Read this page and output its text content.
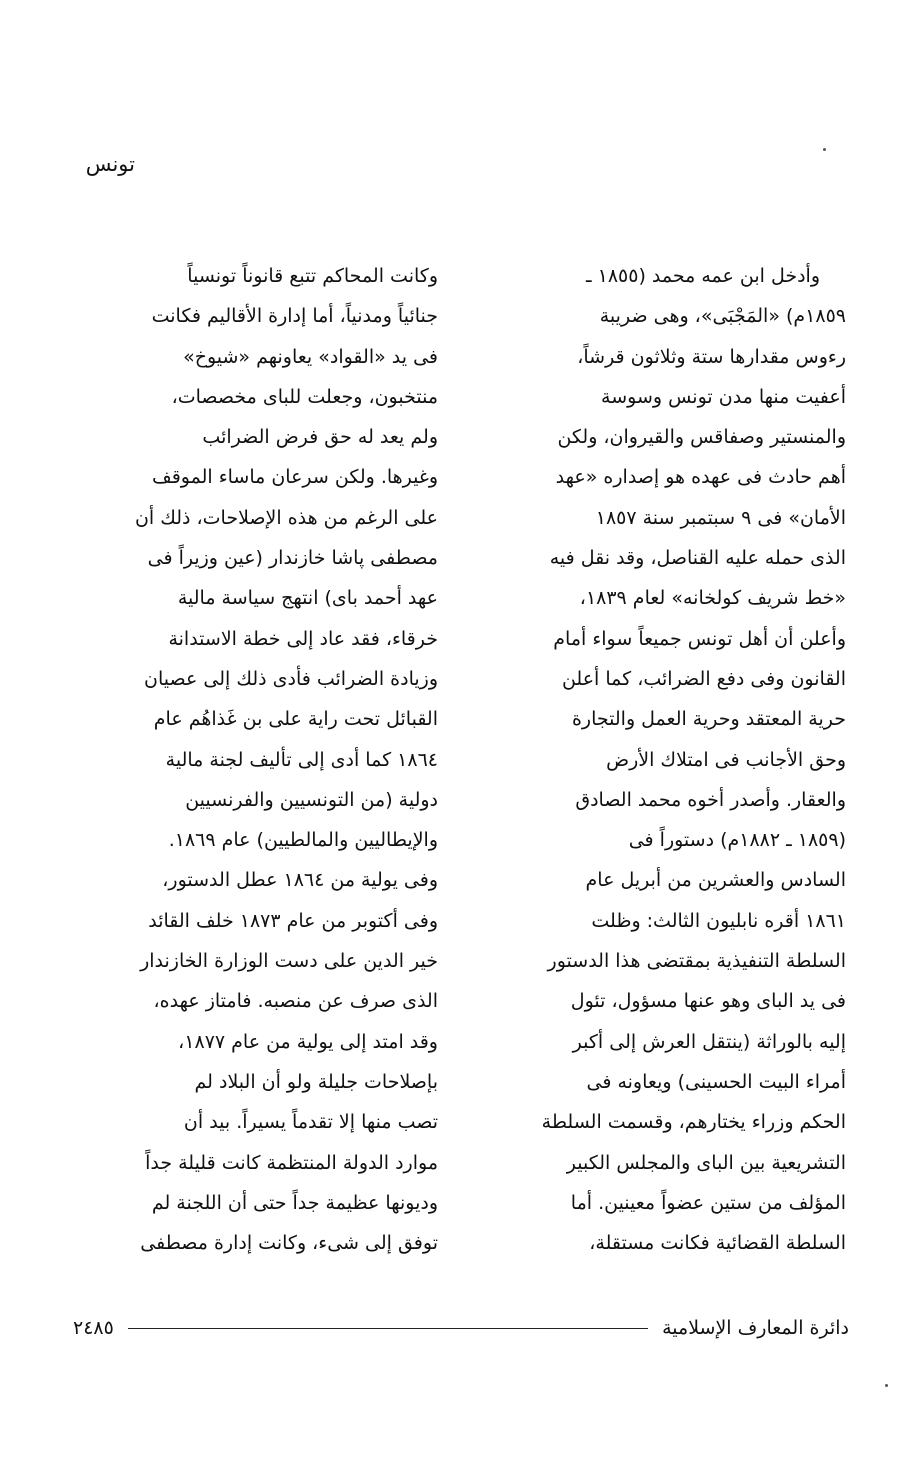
تونس
وأدخل ابن عمه محمد (١٨٥٥ ـ
١٨٥٩م) «المَجْبَى»، وهى ضريبة
رءوس مقدارها ستة وثلاثون قرشاً،
أعفيت منها مدن تونس وسوسة
والمنستير وصفاقس والقيروان، ولكن
أهم حادث فى عهده هو إصداره «عهد
الأمان» فى ٩ سبتمبر سنة ١٨٥٧
الذى حمله عليه القناصل، وقد نقل فيه
«خط شريف كولخانه» لعام ١٨٣٩،
وأعلن أن أهل تونس جميعاً سواء أمام
القانون وفى دفع الضرائب، كما أعلن
حرية المعتقد وحرية العمل والتجارة
وحق الأجانب فى امتلاك الأرض
والعقار. وأصدر أخوه محمد الصادق
(١٨٥٩ ـ ١٨٨٢م) دستوراً فى
السادس والعشرين من أبريل عام
١٨٦١ أقره نابليون الثالث: وظلت
السلطة التنفيذية بمقتضى هذا الدستور
فى يد الباى وهو عنها مسؤول، تئول
إليه بالوراثة (ينتقل العرش إلى أكبر
أمراء البيت الحسينى) ويعاونه فى
الحكم وزراء يختارهم، وقسمت السلطة
التشريعية بين الباى والمجلس الكبير
المؤلف من ستين عضواً معينين. أما
السلطة القضائية فكانت مستقلة،
وكانت المحاكم تتبع قانوناً تونسياً
جنائياً ومدنياً، أما إدارة الأقاليم فكانت
فى يد «القواد» يعاونهم «شيوخ»
منتخبون، وجعلت للباى مخصصات،
ولم يعد له حق فرض الضرائب
وغيرها. ولكن سرعان ماساء الموقف
على الرغم من هذه الإصلاحات، ذلك أن
مصطفى پاشا خازندار (عين وزيراً فى
عهد أحمد باى) انتهج سياسة مالية
خرقاء، فقد عاد إلى خطة الاستدانة
وزيادة الضرائب فأدى ذلك إلى عصيان
القبائل تحت راية على بن غَذاهُم عام
١٨٦٤ كما أدى إلى تأليف لجنة مالية
دولية (من التونسيين والفرنسيين
والإيطاليين والمالطيين) عام ١٨٦٩.
وفى يولية من ١٨٦٤ عطل الدستور،
وفى أكتوبر من عام ١٨٧٣ خلف القائد
خير الدين على دست الوزارة الخازندار
الذى صرف عن منصبه. فامتاز عهده،
وقد امتد إلى يولية من عام ١٨٧٧،
بإصلاحات جليلة ولو أن البلاد لم
تصب منها إلا تقدماً يسيراً. بيد أن
موارد الدولة المنتظمة كانت قليلة جداً
وديونها عظيمة جداً حتى أن اللجنة لم
توفق إلى شىء، وكانت إدارة مصطفى
دائرة المعارف الإسلامية
٢٤٨٥
